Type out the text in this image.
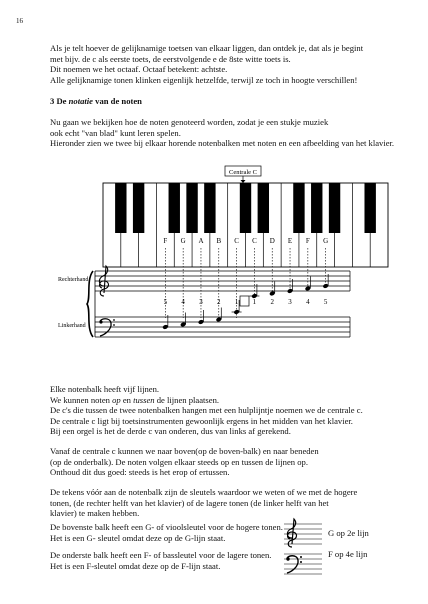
16
Als je telt hoever de gelijknamige toetsen van elkaar liggen, dan ontdek je, dat als je begint
met bijv. de c als eerste toets, de eerstvolgende e de 8ste witte toets is.
Dit noemen we het octaaf. Octaaf betekent: achtste.
Alle gelijknamige tonen klinken eigenlijk hetzelfde, terwijl ze toch in hoogte verschillen!
3 De notatie van de noten
Nu gaan we bekijken hoe de noten genoteerd worden, zodat je een stukje muziek
ook echt "van blad" kunt leren spelen.
Hieronder zien we twee bij elkaar horende notenbalken met noten en een afbeelding van het klavier.
Centrale C
F G A B C C D E F G
Rechterhand
Linkerhand
5 4 3 2 1 1 2 3 4 5
Elke notenbalk heeft vijf lijnen.
We kunnen noten op en tussen de lijnen plaatsen.
De c's die tussen de twee notenbalken hangen met een hulplijntje noemen we de centrale c.
De centrale c ligt bij toetsinstrumenten gewoonlijk ergens in het midden van het klavier.
Bij een orgel is het de derde c van onderen, dus van links af gerekend.
Vanaf de centrale c kunnen we naar boven(op de boven-balk) en naar beneden
(op de onderbalk). De noten volgen elkaar steeds op en tussen de lijnen op.
Onthoud dit dus goed: steeds is het erop of ertussen.
De tekens vóór aan de notenbalk zijn de sleutels waardoor we weten of we met de hogere
tonen, (de rechter helft van het klavier) of de lagere tonen (de linker helft van het
klavier) te maken hebben.
De bovenste balk heeft een G- of vioolsleutel voor de hogere tonen.
Het is een G- sleutel omdat deze op de G-lijn staat.
De onderste balk heeft een F- of bassleutel voor de lagere tonen.
Het is een F-sleutel omdat deze op de F-lijn staat.
G op 2e lijn
F op 4e lijn
